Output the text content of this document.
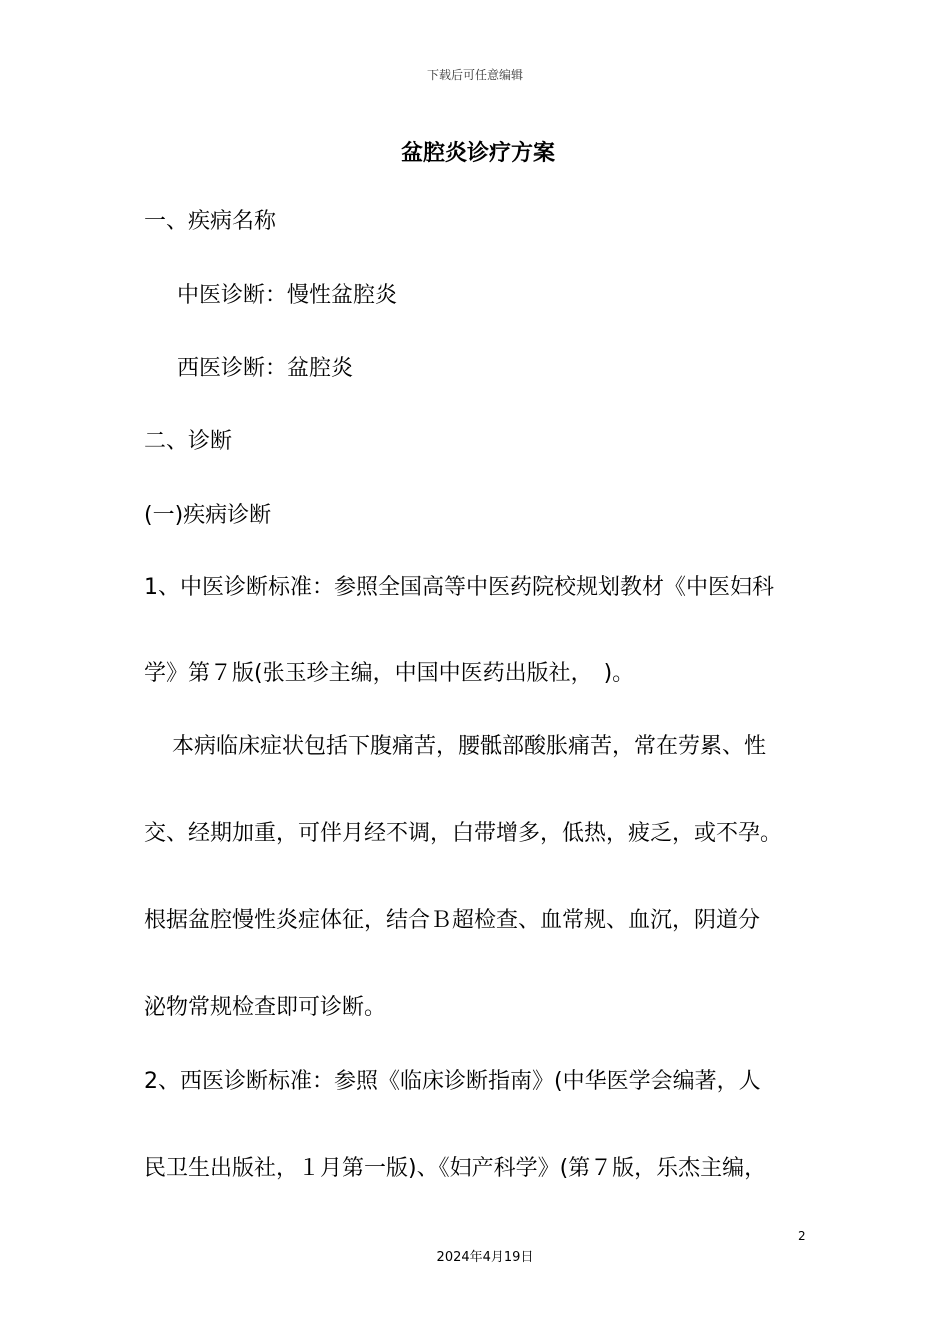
下载后可任意编辑
盆腔炎诊疗方案
一、疾病名称
中医诊断：慢性盆腔炎
西医诊断：盆腔炎
二、诊断
(一)疾病诊断
1、中医诊断标准：参照全国高等中医药院校规划教材《中医妇科
学》第７版(张玉珍主编，中国中医药出版社，　)。
本病临床症状包括下腹痛苦，腰骶部酸胀痛苦，常在劳累、性
交、经期加重，可伴月经不调，白带增多，低热，疲乏，或不孕。
根据盆腔慢性炎症体征，结合Ｂ超检查、血常规、血沉，阴道分
泌物常规检查即可诊断。
2、西医诊断标准：参照《临床诊断指南》(中华医学会编著，人
民卫生出版社，１月第一版)、《妇产科学》(第７版，乐杰主编，
2
2024年4月19日
